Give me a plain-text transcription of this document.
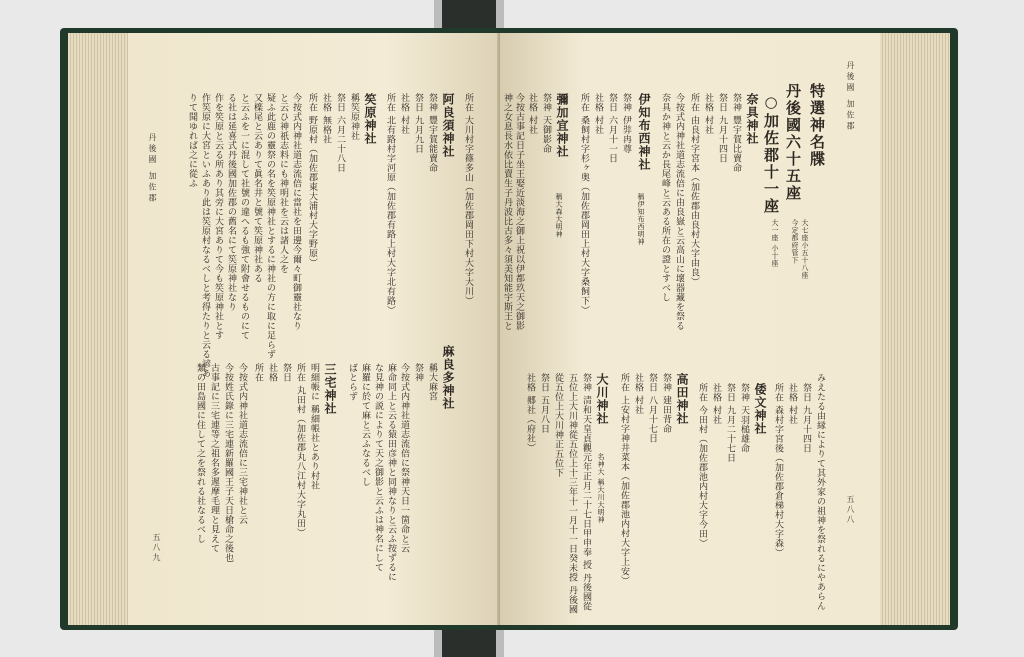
丹後國 加佐郡
五八九
所在 大川村字篠多山（加佐郡岡田下村大字大川）
阿良須神社
祭神 豐宇賀能賣命
祭日 九月九日
社格 村社
所在 北有路村字河原（加佐郡有路上村大字北有路）
笶原神社
稱笶原神社
祭日 六月二十八日
社格 無格社
所在 野原村（加佐郡東大浦村大字野原）
今按式内神社道志流倍に當社を田邊今爾々町御靈社なり
と云ひ神祇志料にも神明社を云は諸人之を
疑ふ此鹿の靈祭の名を笶原神社とするに神社の方に取に足らず
又檪尾と云ありて眞名井と號て笶原神社ある
と云ふを一に混して社號の違へるも強て附會せるものにて
る社は延喜式丹後國加佐郡の舊名にて笶原神社なり
作を笶原と云る所あり其旁に大宮ありて今も笶原神社とす
作笶原に大宮といふあり此は笶原村なるべしと考得たりと云る諺あ
りて聞ゆれば之に從ふ
麻良多神社
稱大麻宮
祭神
今按式内神社道志流倍に祭神天日一箇命と云
麻命同上と云る猿田彦神と同神なりと云ふ按ずるに
な見神の説によりて天之御影と云ふは神名にして
麻羅に於て麻と云ふなるべし
ばとらず
三宅神社
明細帳に 稱細帳社とあり村社
所在 丸田村（加佐郡丸八江村大字丸田）
祭日
社格
所在
今按式内神社道志流倍に三宅神社と云
今按姓氏錄に三宅連新羅國王子天日槍命之後也
古事記に三宅連等之祖名多遲摩毛理と見えて
類の田島國に住して之を祭れる社なるべし
丹後國 加佐郡
五八八
特選神名牒
丹後國六十五座
大七座小五十八座
今定都府管下
○加佐郡十一座
大一座 小十座
奈具神社
祭神 豐宇賀比賣命
祭日 九月十四日
社格 村社
所在 由良村字宮本（加佐郡由良村大字由良）
今按式内神社道志流倍に由良嶽と云高山に壞器藏を祭る
奈具か神と云か長尾峰と云ある所在の證とすべし
伊知布西神社
稱伊知布西明神
祭神 伊弉冉尊
祭日 六月十一日
社格 村社
所在 桑飼村字杉ヶ奥（加佐郡岡田上村大字桑飼下）
彌加宜神社
稱大森大明神
祭神 天御影命
社格 村社
今按古事記日子坐王娶近淡海之御上祝以伊都玖天之御影
神之女息長水依比賣生子丹波比古多々須美知能宇斯王と
みえたる由縁によりて其外家の祖神を祭れるにやあらん
祭日 九月十四日
社格 村社
所在 森村字宮後（加佐郡倉梯村大字森）
倭文神社
祭神 天羽槌雄命
祭日 九月二十七日
社格 村社
所在 今田村（加佐郡池内村大字今田）
高田神社
祭神 建田背命
祭日 八月十七日
社格 村社
所在 上安村字神井菜本（加佐郡池内村大字上安）
大川神社
名神大 稱大川大明神
祭神 清和天皇貞觀元年正月二十七日甲申奉 授 丹後國從
五位上大川神從五位上十三年十一月十一日癸未授 丹後國
從五位上大川神正五位下
祭日 五月八日
社格 郷社（府社）
